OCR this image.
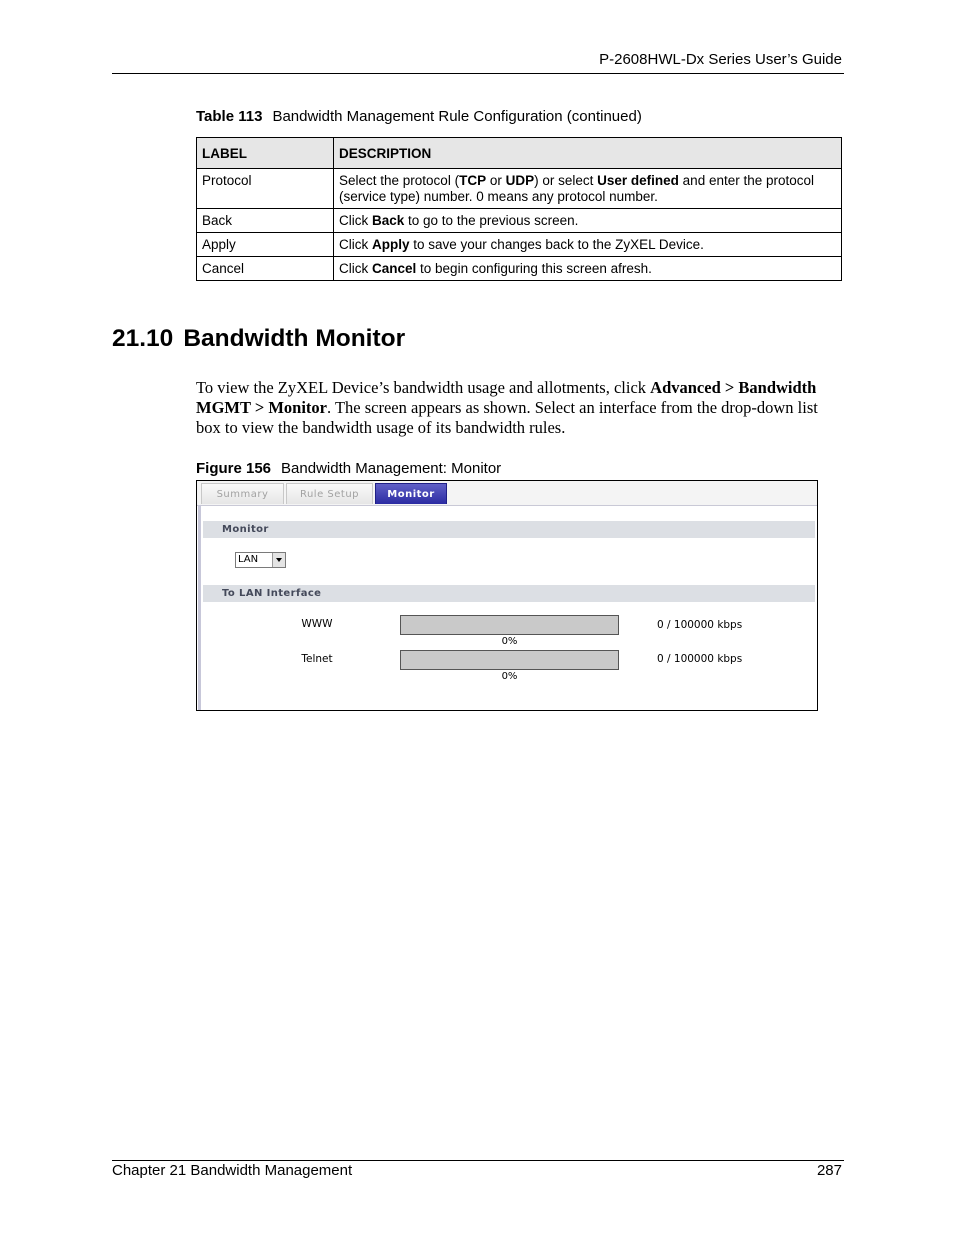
P-2608HWL-Dx Series User’s Guide
Table 113 Bandwidth Management Rule Configuration (continued)
LABEL	DESCRIPTION
Protocol	Select the protocol (TCP or UDP) or select User defined and enter the protocol (service type) number. 0 means any protocol number.
Back	Click Back to go to the previous screen.
Apply	Click Apply to save your changes back to the ZyXEL Device.
Cancel	Click Cancel to begin configuring this screen afresh.
21.10 Bandwidth Monitor
To view the ZyXEL Device’s bandwidth usage and allotments, click Advanced > Bandwidth MGMT > Monitor. The screen appears as shown. Select an interface from the drop-down list box to view the bandwidth usage of its bandwidth rules.
Figure 156 Bandwidth Management: Monitor
Summary	Rule Setup	Monitor
Monitor
LAN
To LAN Interface
WWW
0%
0 / 100000 kbps
Telnet
0%
0 / 100000 kbps
Chapter 21 Bandwidth Management	287
